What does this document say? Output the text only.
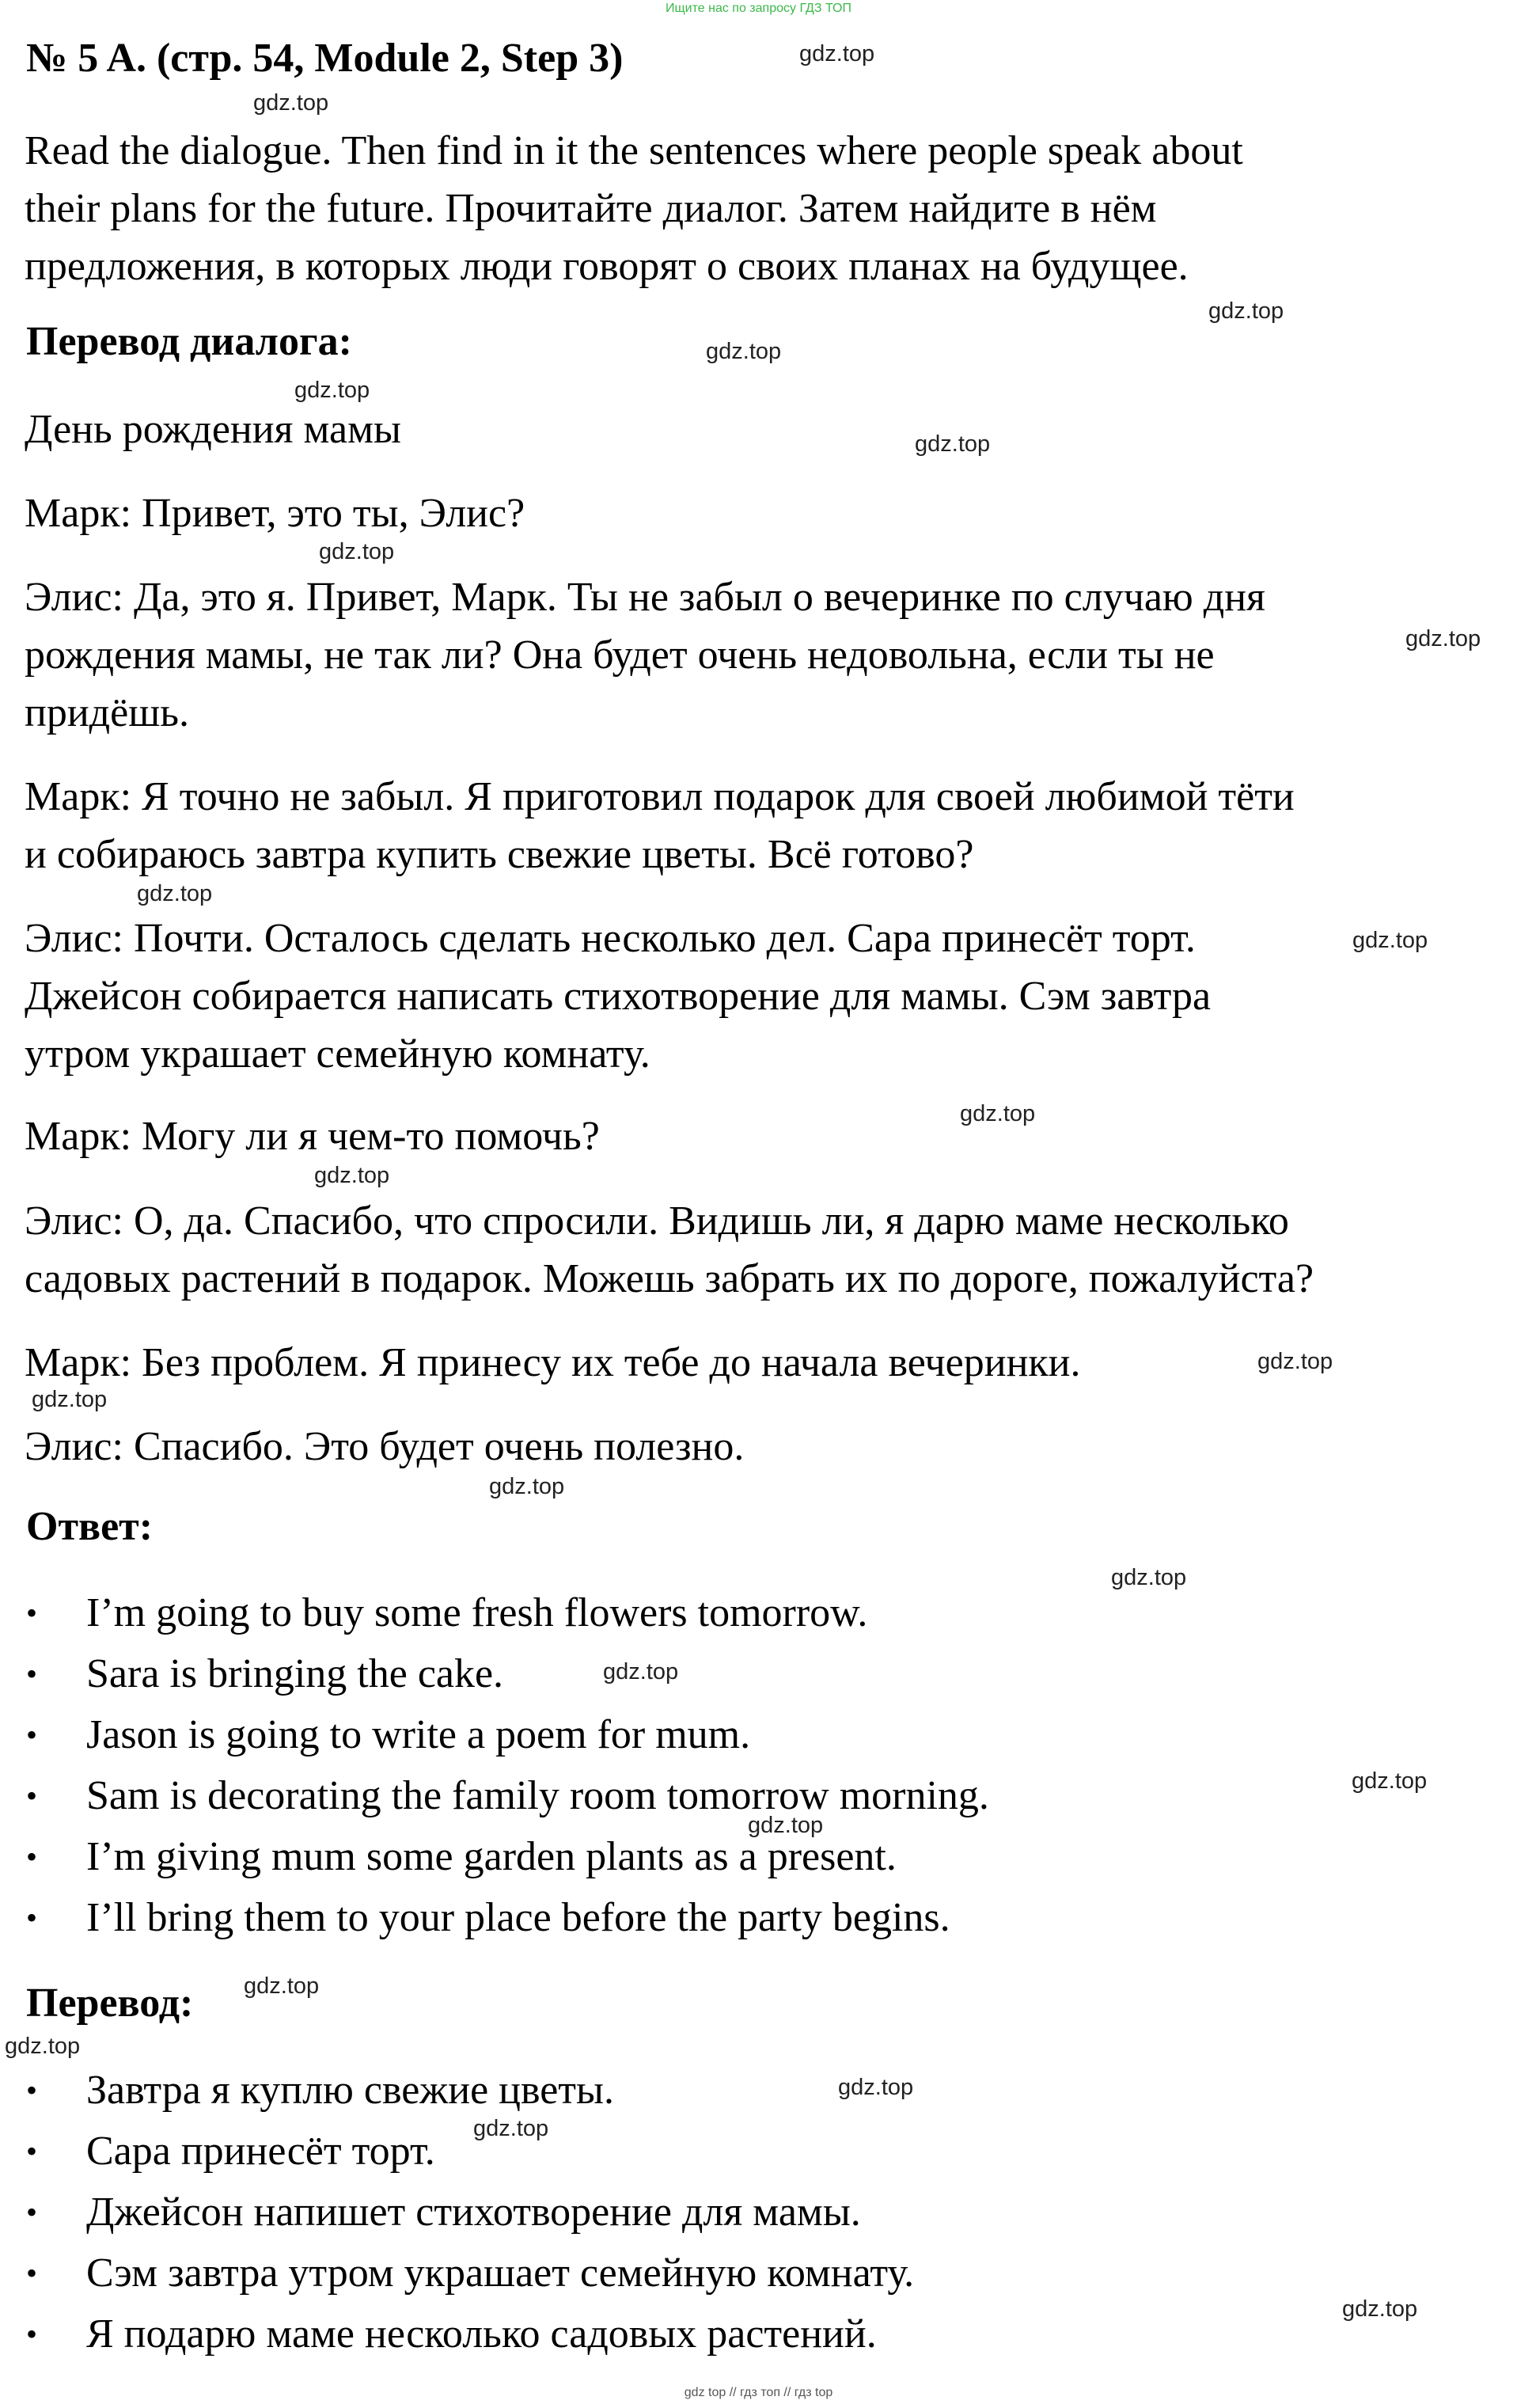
Ищите нас по запросу ГДЗ ТОП
№ 5 A. (стр. 54, Module 2, Step 3)
Read the dialogue. Then find in it the sentences where people speak about
their plans for the future. Прочитайте диалог. Затем найдите в нём
предложения, в которых люди говорят о своих планах на будущее.
Перевод диалога:
День рождения мамы
Марк: Привет, это ты, Элис?
Элис: Да, это я. Привет, Марк. Ты не забыл о вечеринке по случаю дня
рождения мамы, не так ли? Она будет очень недовольна, если ты не
придёшь.
Марк: Я точно не забыл. Я приготовил подарок для своей любимой тёти
и собираюсь завтра купить свежие цветы. Всё готово?
Элис: Почти. Осталось сделать несколько дел. Сара принесёт торт.
Джейсон собирается написать стихотворение для мамы. Сэм завтра
утром украшает семейную комнату.
Марк: Могу ли я чем-то помочь?
Элис: О, да. Спасибо, что спросили. Видишь ли, я дарю маме несколько
садовых растений в подарок. Можешь забрать их по дороге, пожалуйста?
Марк: Без проблем. Я принесу их тебе до начала вечеринки.
Элис: Спасибо. Это будет очень полезно.
Ответ:
• I’m going to buy some fresh flowers tomorrow.
• Sara is bringing the cake.
• Jason is going to write a poem for mum.
• Sam is decorating the family room tomorrow morning.
• I’m giving mum some garden plants as a present.
• I’ll bring them to your place before the party begins.
Перевод:
• Завтра я куплю свежие цветы.
• Сара принесёт торт.
• Джейсон напишет стихотворение для мамы.
• Сэм завтра утром украшает семейную комнату.
• Я подарю маме несколько садовых растений.
gdz.top
gdz.top
gdz.top
gdz.top
gdz.top
gdz.top
gdz.top
gdz.top
gdz.top
gdz.top
gdz.top
gdz.top
gdz.top
gdz.top
gdz.top
gdz.top
gdz.top
gdz.top
gdz.top
gdz.top
gdz.top
gdz.top
gdz.top
gdz.top
gdz top // гдз топ // гдз top
